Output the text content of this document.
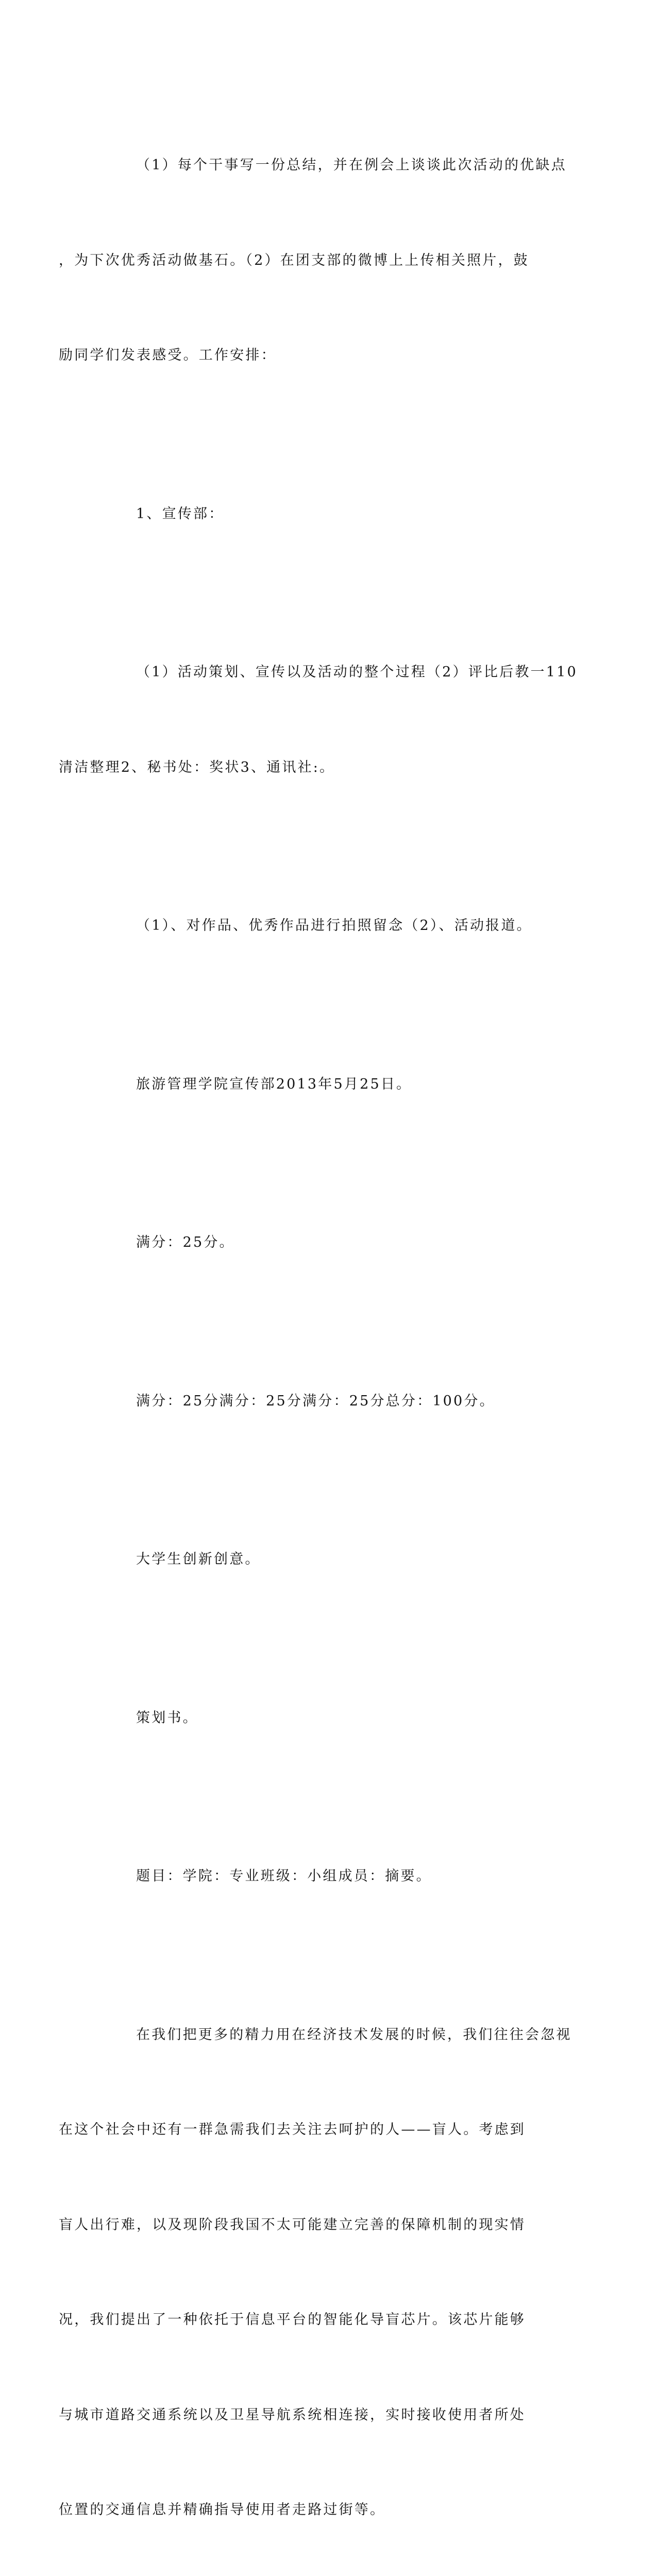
（1）每个干事写一份总结，并在例会上谈谈此次活动的优缺点

，为下次优秀活动做基石。（2）在团支部的微博上上传相关照片，鼓

励同学们发表感受。工作安排：

1、宣传部：

（1）活动策划、宣传以及活动的整个过程（2）评比后教一110

清洁整理2、秘书处：奖状3、通讯社:。

（1）、对作品、优秀作品进行拍照留念（2）、活动报道。

旅游管理学院宣传部2013年5月25日。

满分：25分。

满分：25分满分：25分满分：25分总分：100分。

大学生创新创意。

策划书。

题目：学院：专业班级：小组成员：摘要。

在我们把更多的精力用在经济技术发展的时候，我们往往会忽视

在这个社会中还有一群急需我们去关注去呵护的人——盲人。考虑到

盲人出行难，以及现阶段我国不太可能建立完善的保障机制的现实情

况，我们提出了一种依托于信息平台的智能化导盲芯片。该芯片能够

与城市道路交通系统以及卫星导航系统相连接，实时接收使用者所处

位置的交通信息并精确指导使用者走路过街等。
